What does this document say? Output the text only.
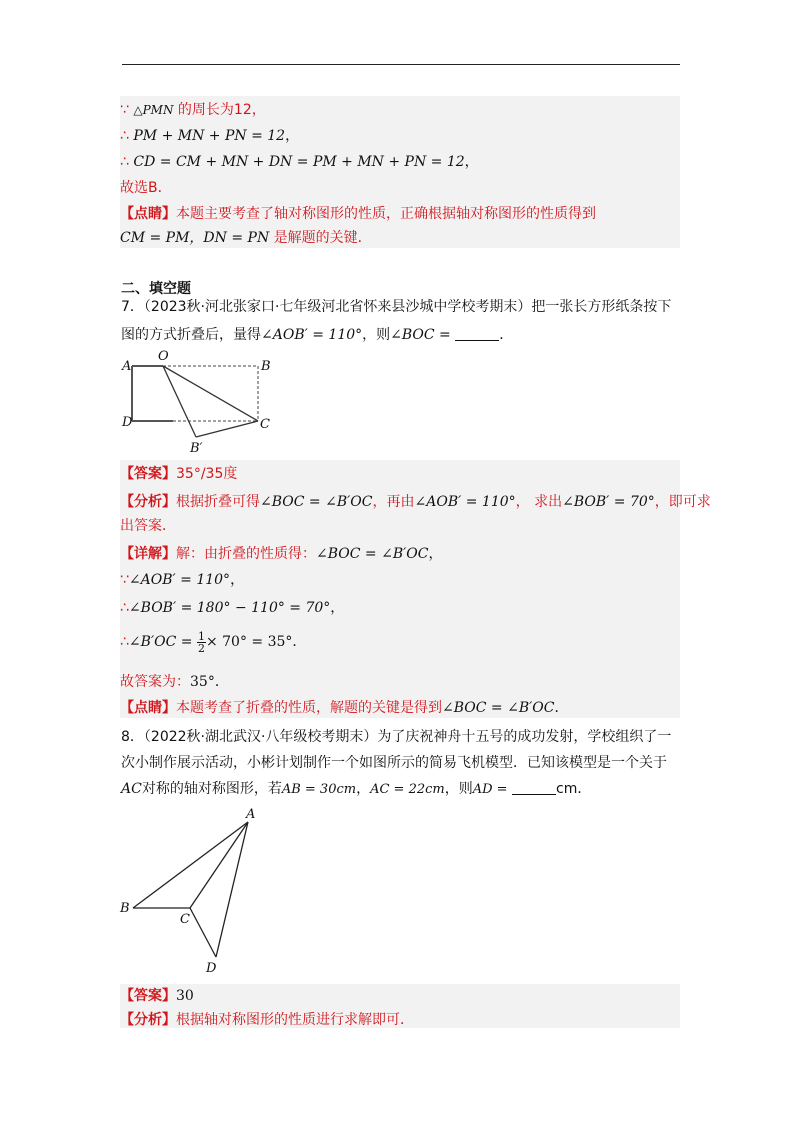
∵ △PMN 的周长为12，
∴ PM + MN + PN = 12，
∴ CD = CM + MN + DN = PM + MN + PN = 12，
故选B．
【点睛】本题主要考查了轴对称图形的性质，正确根据轴对称图形的性质得到
CM = PM，DN = PN 是解题的关键．
二、填空题
7．（2023秋·河北张家口·七年级河北省怀来县沙城中学校考期末）把一张长方形纸条按下
图的方式折叠后，量得∠AOB′ = 110°，则∠BOC =	．
A
O
B
D	C
B′
【答案】35°/35度
【分析】根据折叠可得∠BOC = ∠B′OC，再由∠AOB′ = 110°， 求出∠BOB′ = 70°，即可求
出答案．
【详解】解：由折叠的性质得：∠BOC = ∠B′OC，
∵∠AOB′ = 110°，
∴∠BOB′ = 180° − 110° = 70°，
∴∠B′OC = $\frac{1}{2} \times 70^\circ = 35^\circ$．
故答案为：35°．
【点睛】本题考查了折叠的性质，解题的关键是得到∠BOC = ∠B′OC．
8．（2022秋·湖北武汉·八年级校考期末）为了庆祝神舟十五号的成功发射，学校组织了一
次小制作展示活动，小彬计划制作一个如图所示的简易飞机模型．已知该模型是一个关于
AC对称的轴对称图形，若AB = 30cm，AC = 22cm，则AD =	cm．
A
B
C
D
【答案】30
【分析】根据轴对称图形的性质进行求解即可．
